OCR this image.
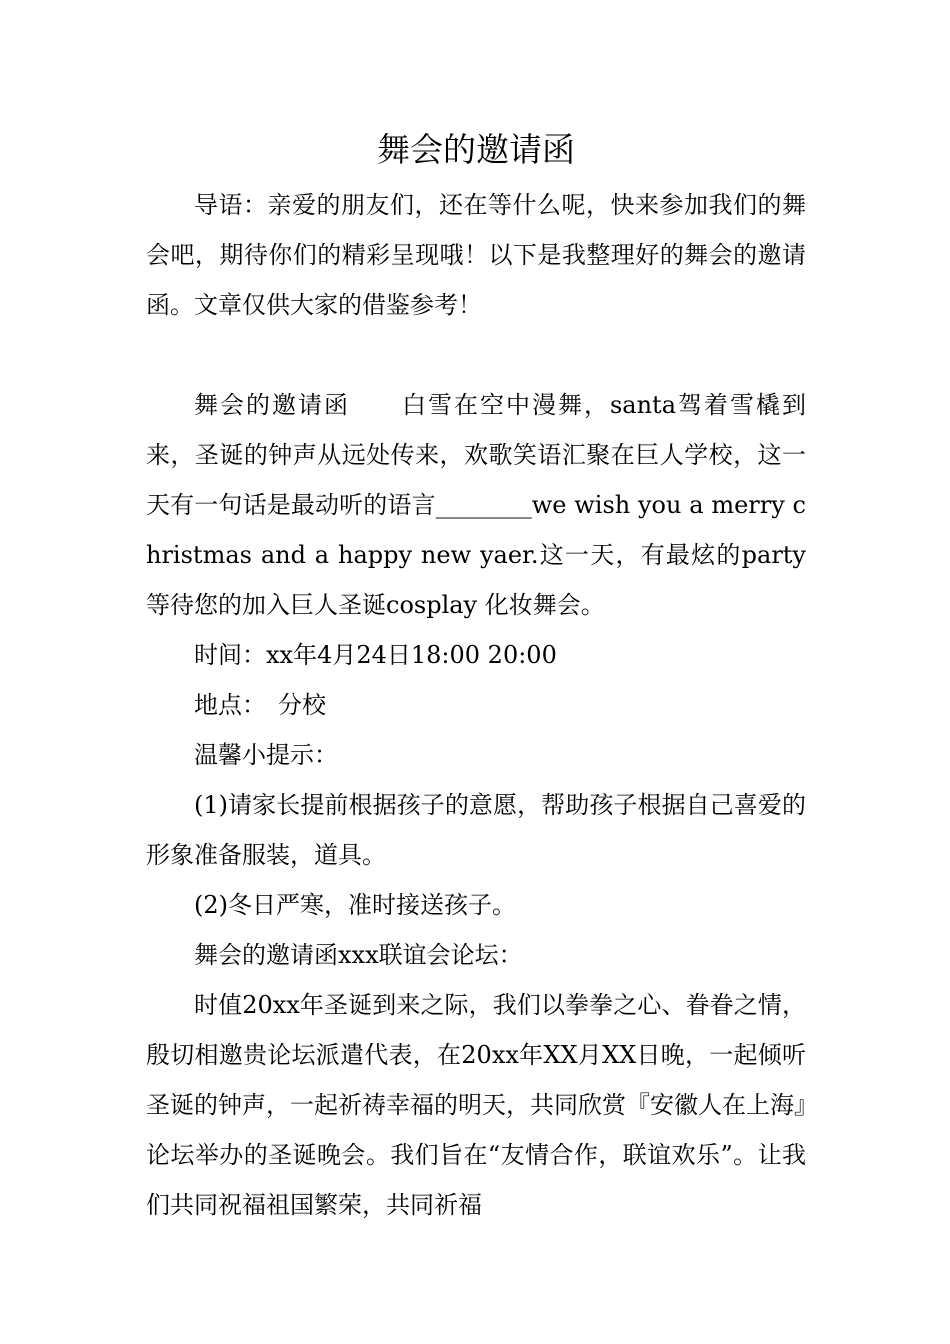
舞会的邀请函

导语：亲爱的朋友们，还在等什么呢，快来参加我们的舞会吧，期待你们的精彩呈现哦！以下是我整理好的舞会的邀请函。文章仅供大家的借鉴参考！

舞会的邀请函　　白雪在空中漫舞，santa驾着雪橇到来，圣诞的钟声从远处传来，欢歌笑语汇聚在巨人学校，这一天有一句话是最动听的语言________we wish you a merry christmas and a happy new yaer.这一天，有最炫的party等待您的加入巨人圣诞cosplay 化妆舞会。

时间：xx年4月24日18:00 20:00

地点：　分校

温馨小提示：

(1)请家长提前根据孩子的意愿，帮助孩子根据自己喜爱的形象准备服装，道具。

(2)冬日严寒，准时接送孩子。

舞会的邀请函xxx联谊会论坛：

时值20xx年圣诞到来之际，我们以拳拳之心、眷眷之情，殷切相邀贵论坛派遣代表，在20xx年XX月XX日晚，一起倾听圣诞的钟声，一起祈祷幸福的明天，共同欣赏『安徽人在上海』论坛举办的圣诞晚会。我们旨在“友情合作，联谊欢乐”。让我们共同祝福祖国繁荣，共同祈福
